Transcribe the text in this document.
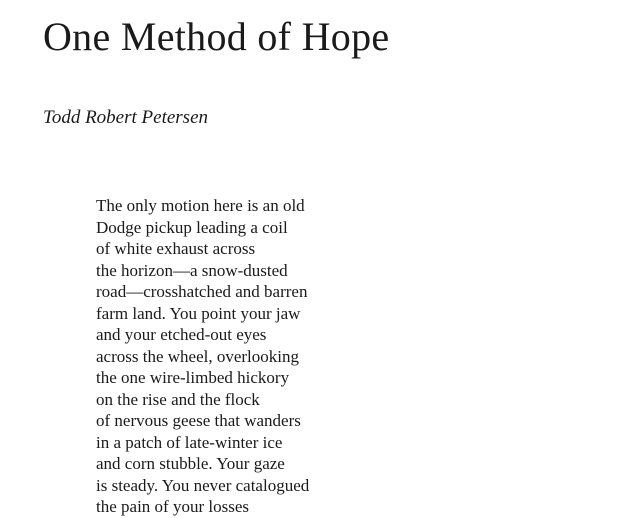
One Method of Hope
Todd Robert Petersen
The only motion here is an old
Dodge pickup leading a coil
of white exhaust across
the horizon—a snow-dusted
road—crosshatched and barren
farm land. You point your jaw
and your etched-out eyes
across the wheel, overlooking
the one wire-limbed hickory
on the rise and the flock
of nervous geese that wanders
in a patch of late-winter ice
and corn stubble. Your gaze
is steady. You never catalogued
the pain of your losses
